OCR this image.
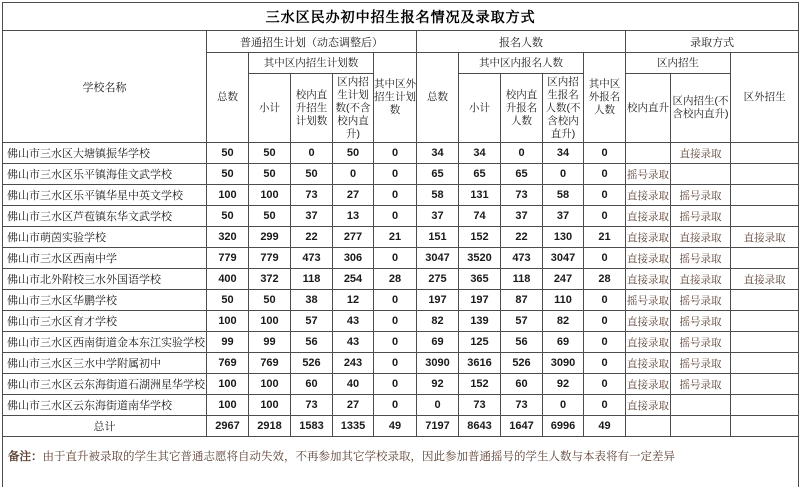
三水区民办初中招生报名情况及录取方式													
学校名称	普通招生计划（动态调整后）					报名人数					录取方式		
	总数	其中区内招生计划数			其中区外招生计划数	总数	其中区内报名人数			其中区外报名人数	区内招生		区外招生
		小计	校内直升招生计划数	区内招生计划数(不含校内直升)			小计	校内直升报名人数	区内招生报名人数(不含校内直升)		校内直升	区内招生(不含校内直升)	
佛山市三水区大塘镇振华学校	50	50	0	50	0	34	34	0	34	0		直接录取	
佛山市三水区乐平镇海佳文武学校	50	50	50	0	0	65	65	65	0	0	摇号录取		
佛山市三水区乐平镇华星中英文学校	100	100	73	27	0	58	131	73	58	0	直接录取	摇号录取	
佛山市三水区芦苞镇东华文武学校	50	50	37	13	0	37	74	37	37	0	直接录取	摇号录取	
佛山市萌茵实验学校	320	299	22	277	21	151	152	22	130	21	直接录取	直接录取	直接录取
佛山市三水区西南中学	779	779	473	306	0	3047	3520	473	3047	0	直接录取	摇号录取	
佛山市北外附校三水外国语学校	400	372	118	254	28	275	365	118	247	28	直接录取	直接录取	直接录取
佛山市三水区华鹏学校	50	50	38	12	0	197	197	87	110	0	摇号录取	摇号录取	
佛山市三水区育才学校	100	100	57	43	0	82	139	57	82	0	直接录取	摇号录取	
佛山市三水区西南街道金本东江实验学校	99	99	56	43	0	69	125	56	69	0	直接录取	摇号录取	
佛山市三水区三水中学附属初中	769	769	526	243	0	3090	3616	526	3090	0	直接录取	摇号录取	
佛山市三水区云东海街道石湖洲星华学校	100	100	60	40	0	92	152	60	92	0	直接录取	摇号录取	
佛山市三水区云东海街道南华学校	100	100	73	27	0	0	73	73	0	0	直接录取		
总计	2967	2918	1583	1335	49	7197	8643	1647	6996	49			
备注：由于直升被录取的学生其它普通志愿将自动失效，不再参加其它学校录取，因此参加普通摇号的学生人数与本表将有一定差异													
